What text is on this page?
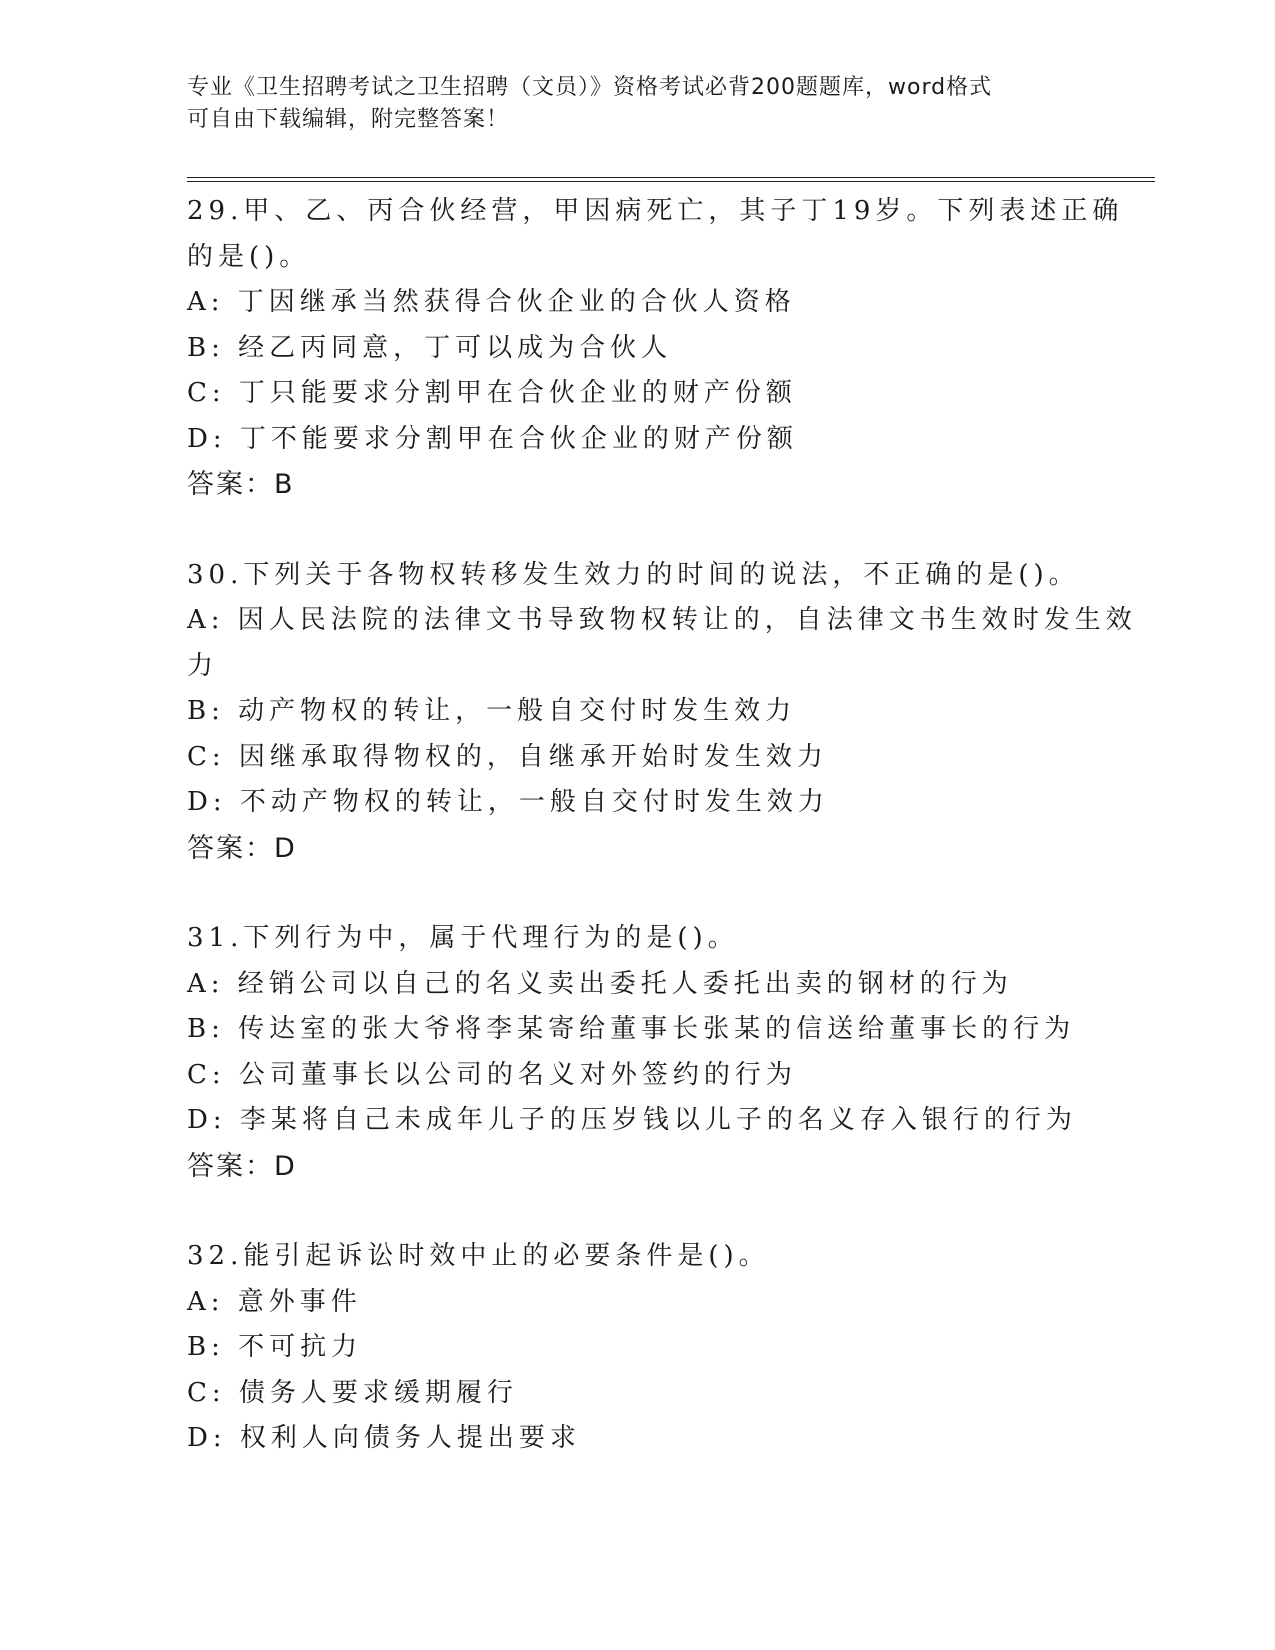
专业《卫生招聘考试之卫生招聘（文员）》资格考试必背200题题库，word格式
可自由下载编辑，附完整答案！
29.甲、乙、丙合伙经营，甲因病死亡，其子丁19岁。下列表述正确
的是()。
A: 丁因继承当然获得合伙企业的合伙人资格
B: 经乙丙同意，丁可以成为合伙人
C: 丁只能要求分割甲在合伙企业的财产份额
D: 丁不能要求分割甲在合伙企业的财产份额
答案：B
30.下列关于各物权转移发生效力的时间的说法，不正确的是()。
A: 因人民法院的法律文书导致物权转让的，自法律文书生效时发生效
力
B: 动产物权的转让，一般自交付时发生效力
C: 因继承取得物权的，自继承开始时发生效力
D: 不动产物权的转让，一般自交付时发生效力
答案：D
31.下列行为中，属于代理行为的是()。
A: 经销公司以自己的名义卖出委托人委托出卖的钢材的行为
B: 传达室的张大爷将李某寄给董事长张某的信送给董事长的行为
C: 公司董事长以公司的名义对外签约的行为
D: 李某将自己未成年儿子的压岁钱以儿子的名义存入银行的行为
答案：D
32.能引起诉讼时效中止的必要条件是()。
A: 意外事件
B: 不可抗力
C: 债务人要求缓期履行
D: 权利人向债务人提出要求
